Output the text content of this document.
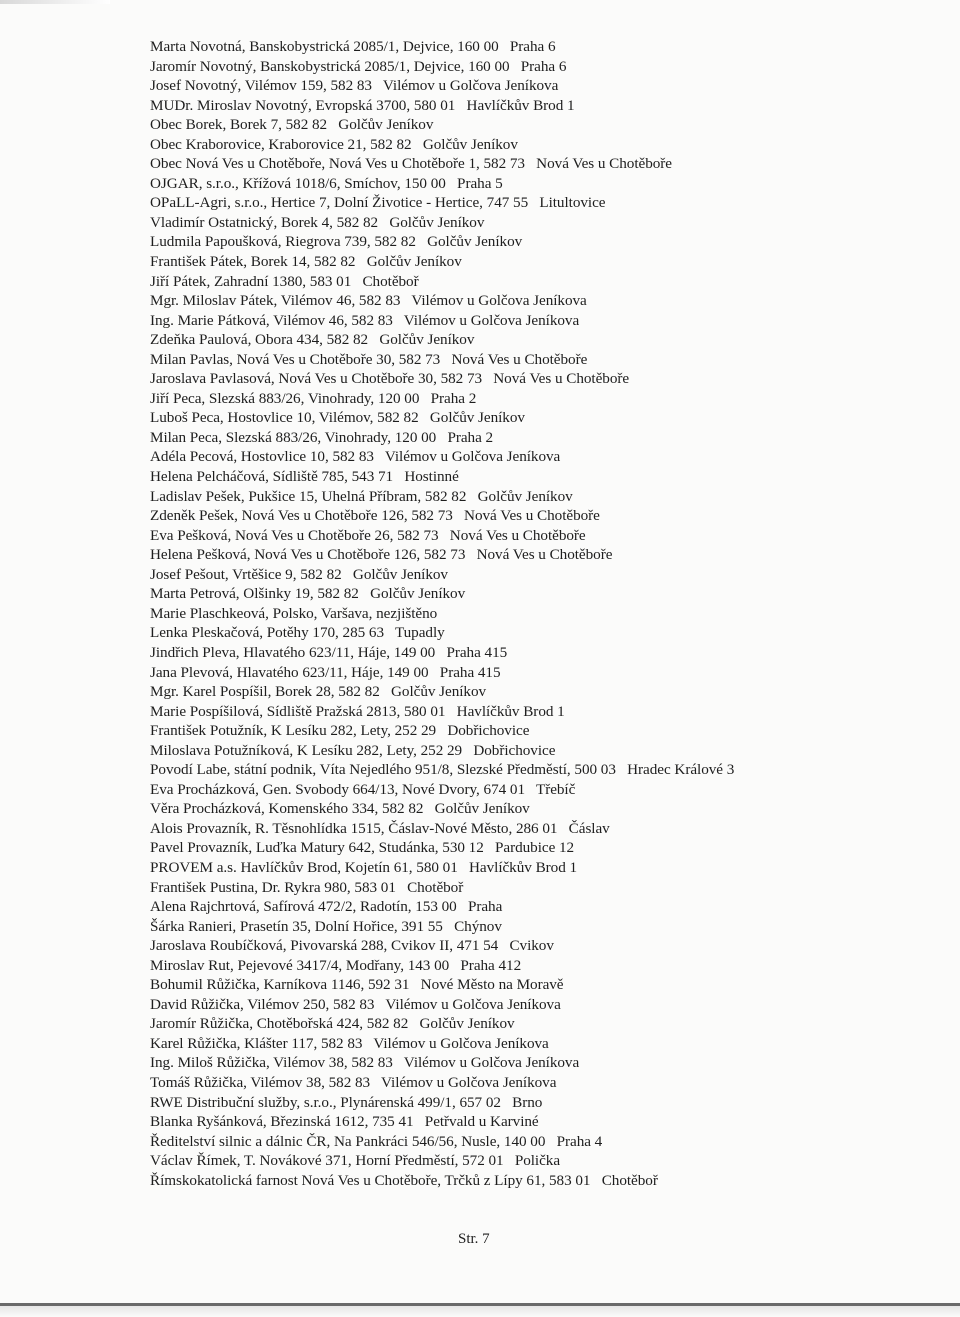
Marta Novotná, Banskobystrická 2085/1, Dejvice, 160 00   Praha 6
Jaromír Novotný, Banskobystrická 2085/1, Dejvice, 160 00   Praha 6
Josef Novotný, Vilémov 159, 582 83   Vilémov u Golčova Jeníkova
MUDr. Miroslav Novotný, Evropská 3700, 580 01   Havlíčkův Brod 1
Obec Borek, Borek 7, 582 82   Golčův Jeníkov
Obec Kraborovice, Kraborovice 21, 582 82   Golčův Jeníkov
Obec Nová Ves u Chotěboře, Nová Ves u Chotěboře 1, 582 73   Nová Ves u Chotěboře
OJGAR, s.r.o., Křížová 1018/6, Smíchov, 150 00   Praha 5
OPaLL-Agri, s.r.o., Hertice 7, Dolní Životice - Hertice, 747 55   Litultovice
Vladimír Ostatnický, Borek 4, 582 82   Golčův Jeníkov
Ludmila Papoušková, Riegrova 739, 582 82   Golčův Jeníkov
František Pátek, Borek 14, 582 82   Golčův Jeníkov
Jiří Pátek, Zahradní 1380, 583 01   Chotěboř
Mgr. Miloslav Pátek, Vilémov 46, 582 83   Vilémov u Golčova Jeníkova
Ing. Marie Pátková, Vilémov 46, 582 83   Vilémov u Golčova Jeníkova
Zdeňka Paulová, Obora 434, 582 82   Golčův Jeníkov
Milan Pavlas, Nová Ves u Chotěboře 30, 582 73   Nová Ves u Chotěboře
Jaroslava Pavlasová, Nová Ves u Chotěboře 30, 582 73   Nová Ves u Chotěboře
Jiří Peca, Slezská 883/26, Vinohrady, 120 00   Praha 2
Luboš Peca, Hostovlice 10, Vilémov, 582 82   Golčův Jeníkov
Milan Peca, Slezská 883/26, Vinohrady, 120 00   Praha 2
Adéla Pecová, Hostovlice 10, 582 83   Vilémov u Golčova Jeníkova
Helena Pelcháčová, Sídliště 785, 543 71   Hostinné
Ladislav Pešek, Pukšice 15, Uhelná Příbram, 582 82   Golčův Jeníkov
Zdeněk Pešek, Nová Ves u Chotěboře 126, 582 73   Nová Ves u Chotěboře
Eva Pešková, Nová Ves u Chotěboře 26, 582 73   Nová Ves u Chotěboře
Helena Pešková, Nová Ves u Chotěboře 126, 582 73   Nová Ves u Chotěboře
Josef Pešout, Vrtěšice 9, 582 82   Golčův Jeníkov
Marta Petrová, Olšinky 19, 582 82   Golčův Jeníkov
Marie Plaschkeová, Polsko, Varšava, nezjištěno
Lenka Pleskačová, Potěhy 170, 285 63   Tupadly
Jindřich Pleva, Hlavatého 623/11, Háje, 149 00   Praha 415
Jana Plevová, Hlavatého 623/11, Háje, 149 00   Praha 415
Mgr. Karel Pospíšil, Borek 28, 582 82   Golčův Jeníkov
Marie Pospíšilová, Sídliště Pražská 2813, 580 01   Havlíčkův Brod 1
František Potužník, K Lesíku 282, Lety, 252 29   Dobřichovice
Miloslava Potužníková, K Lesíku 282, Lety, 252 29   Dobřichovice
Povodí Labe, státní podnik, Víta Nejedlého 951/8, Slezské Předměstí, 500 03   Hradec Králové 3
Eva Procházková, Gen. Svobody 664/13, Nové Dvory, 674 01   Třebíč
Věra Procházková, Komenského 334, 582 82   Golčův Jeníkov
Alois Provazník, R. Těsnohlídka 1515, Čáslav-Nové Město, 286 01   Čáslav
Pavel Provazník, Luďka Matury 642, Studánka, 530 12   Pardubice 12
PROVEM a.s. Havlíčkův Brod, Kojetín 61, 580 01   Havlíčkův Brod 1
František Pustina, Dr. Rykra 980, 583 01   Chotěboř
Alena Rajchrtová, Safírová 472/2, Radotín, 153 00   Praha
Šárka Ranieri, Prasetín 35, Dolní Hořice, 391 55   Chýnov
Jaroslava Roubíčková, Pivovarská 288, Cvikov II, 471 54   Cvikov
Miroslav Rut, Pejevové 3417/4, Modřany, 143 00   Praha 412
Bohumil Růžička, Karníkova 1146, 592 31   Nové Město na Moravě
David Růžička, Vilémov 250, 582 83   Vilémov u Golčova Jeníkova
Jaromír Růžička, Chotěbořská 424, 582 82   Golčův Jeníkov
Karel Růžička, Klášter 117, 582 83   Vilémov u Golčova Jeníkova
Ing. Miloš Růžička, Vilémov 38, 582 83   Vilémov u Golčova Jeníkova
Tomáš Růžička, Vilémov 38, 582 83   Vilémov u Golčova Jeníkova
RWE Distribuční služby, s.r.o., Plynárenská 499/1, 657 02   Brno
Blanka Ryšánková, Březinská 1612, 735 41   Petřvald u Karviné
Ředitelství silnic a dálnic ČR, Na Pankráci 546/56, Nusle, 140 00   Praha 4
Václav Římek, T. Novákové 371, Horní Předměstí, 572 01   Polička
Římskokatolická farnost Nová Ves u Chotěboře, Trčků z Lípy 61, 583 01   Chotěboř
Str. 7
